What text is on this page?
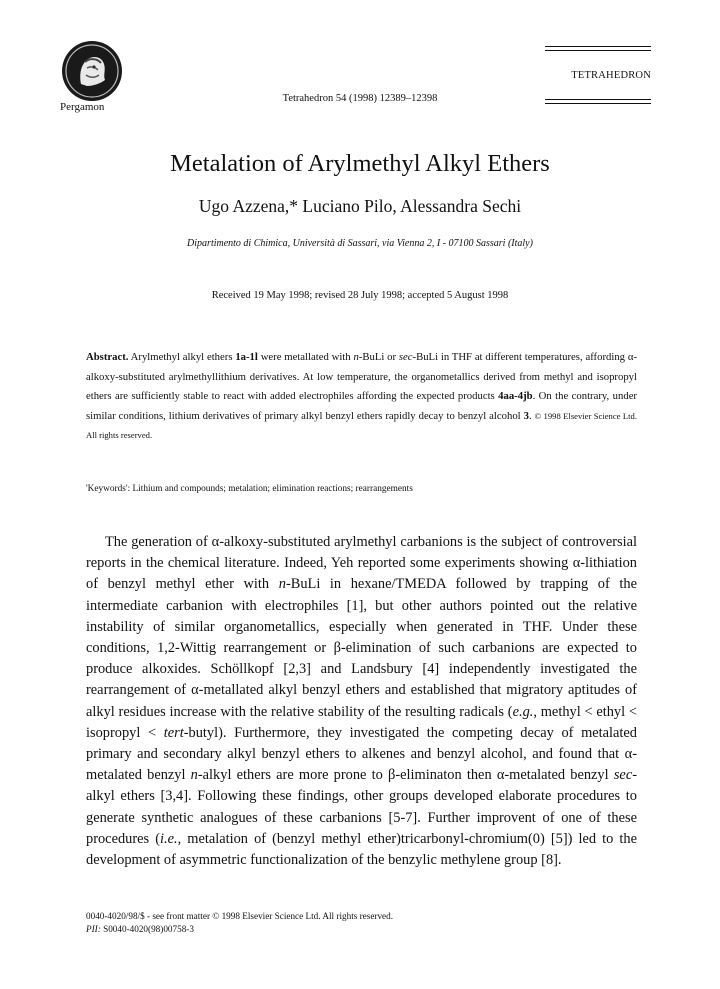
Pergamon
Tetrahedron 54 (1998) 12389–12398
TETRAHEDRON
Metalation of Arylmethyl Alkyl Ethers
Ugo Azzena,* Luciano Pilo, Alessandra Sechi
Dipartimento di Chimica, Università di Sassari, via Vienna 2, I - 07100 Sassari (Italy)
Received 19 May 1998; revised 28 July 1998; accepted 5 August 1998
Abstract. Arylmethyl alkyl ethers 1a-1l were metallated with n-BuLi or sec-BuLi in THF at different temperatures, affording α-alkoxy-substituted arylmethyllithium derivatives. At low temperature, the organometallics derived from methyl and isopropyl ethers are sufficiently stable to react with added electrophiles affording the expected products 4aa-4jb. On the contrary, under similar conditions, lithium derivatives of primary alkyl benzyl ethers rapidly decay to benzyl alcohol 3. © 1998 Elsevier Science Ltd. All rights reserved.
'Keywords': Lithium and compounds; metalation; elimination reactions; rearrangements

The generation of α-alkoxy-substituted arylmethyl carbanions is the subject of controversial reports in the chemical literature. Indeed, Yeh reported some experiments showing α-lithiation of benzyl methyl ether with n-BuLi in hexane/TMEDA followed by trapping of the intermediate carbanion with electrophiles [1], but other authors pointed out the relative instability of similar organometallics, especially when generated in THF. Under these conditions, 1,2-Wittig rearrangement or β-elimination of such carbanions are expected to produce alkoxides. Schöllkopf [2,3] and Landsbury [4] independently investigated the rearrangement of α-metallated alkyl benzyl ethers and established that migratory aptitudes of alkyl residues increase with the relative stability of the resulting radicals (e.g., methyl < ethyl < isopropyl < tert-butyl). Furthermore, they investigated the competing decay of metalated primary and secondary alkyl benzyl ethers to alkenes and benzyl alcohol, and found that α-metalated benzyl n-alkyl ethers are more prone to β-eliminaton then α-metalated benzyl sec-alkyl ethers [3,4]. Following these findings, other groups developed elaborate procedures to generate synthetic analogues of these carbanions [5-7]. Further improvent of one of these procedures (i.e., metalation of (benzyl methyl ether)tricarbonyl-chromium(0) [5]) led to the development of asymmetric functionalization of the benzylic methylene group [8].

0040-4020/98/$ - see front matter © 1998 Elsevier Science Ltd. All rights reserved.
PII: S0040-4020(98)00758-3
